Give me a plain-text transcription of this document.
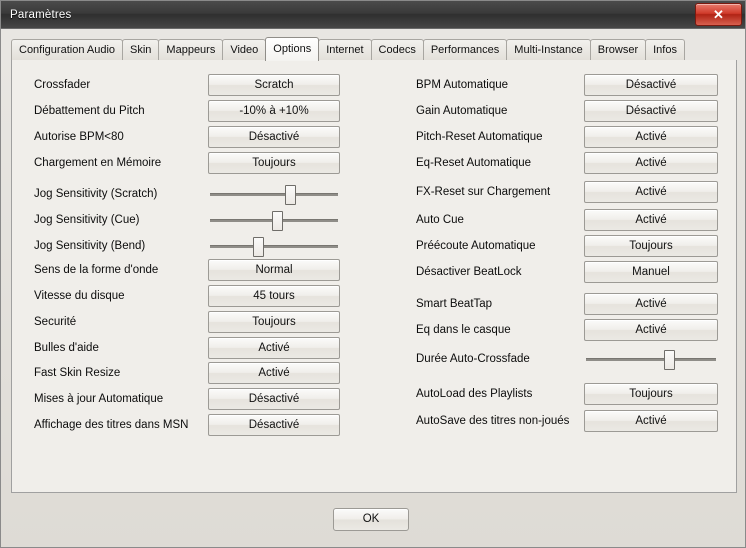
Paramètres	✕
Configuration Audio	Skin	Mappeurs	Video	Options	Internet	Codecs	Performances	Multi-Instance	Browser	Infos
Crossfader	Scratch
Débattement du Pitch	-10% à +10%
Autorise BPM<80	Désactivé
Chargement en Mémoire	Toujours
Jog Sensitivity (Scratch)
Jog Sensitivity (Cue)
Jog Sensitivity (Bend)
Sens de la forme d'onde	Normal
Vitesse du disque	45 tours
Securité	Toujours
Bulles d'aide	Activé
Fast Skin Resize	Activé
Mises à jour Automatique	Désactivé
Affichage des titres dans MSN	Désactivé
BPM Automatique	Désactivé
Gain Automatique	Désactivé
Pitch-Reset Automatique	Activé
Eq-Reset Automatique	Activé
FX-Reset sur Chargement	Activé
Auto Cue	Activé
Préécoute Automatique	Toujours
Désactiver BeatLock	Manuel
Smart BeatTap	Activé
Eq dans le casque	Activé
Durée Auto-Crossfade
AutoLoad des Playlists	Toujours
AutoSave des titres non-joués	Activé
OK
